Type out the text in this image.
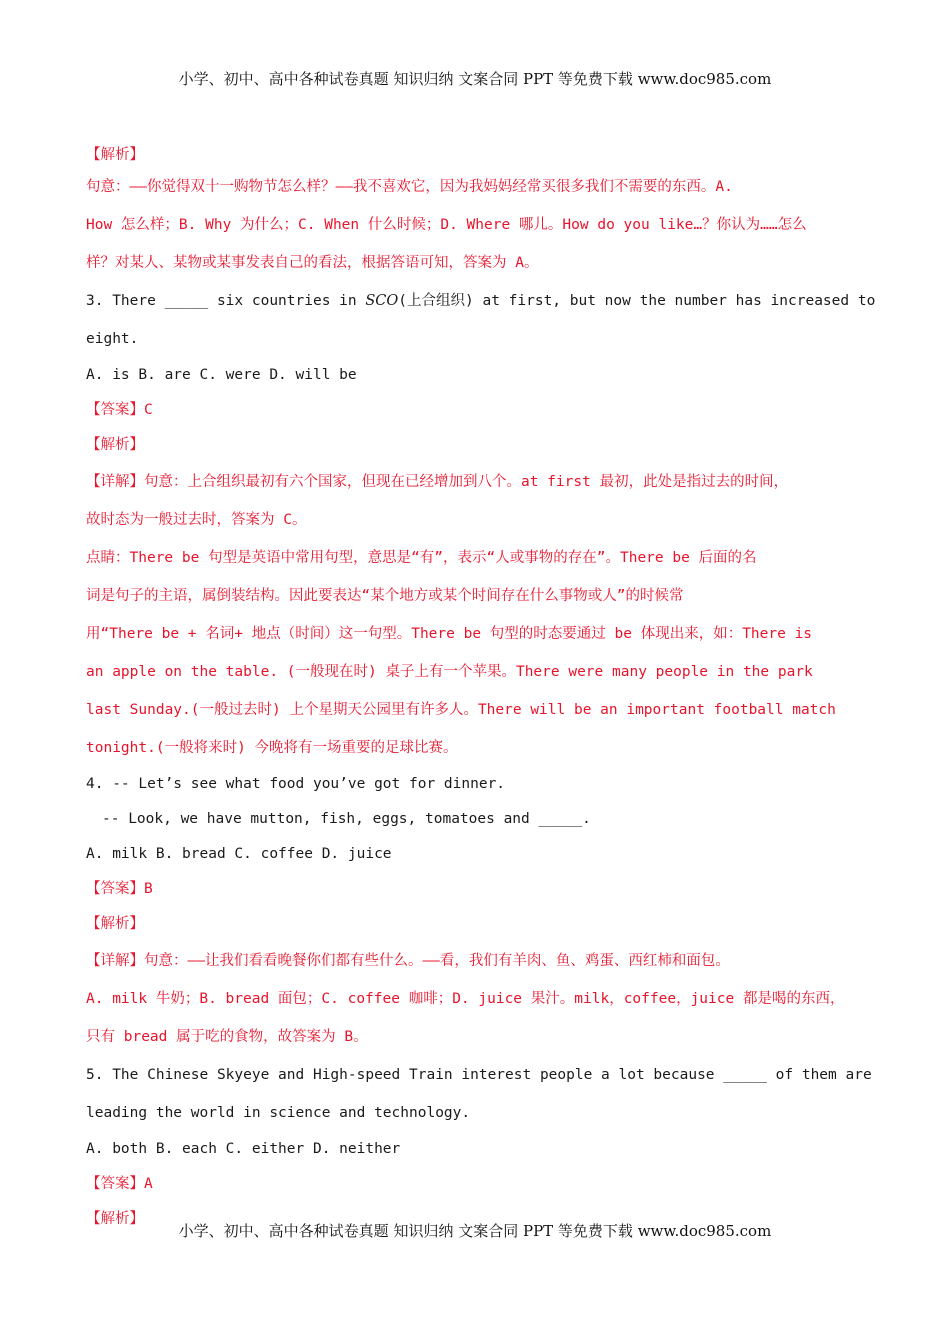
小学、初中、高中各种试卷真题 知识归纳 文案合同 PPT 等免费下载 www.doc985.com

【解析】

句意：——你觉得双十一购物节怎么样？——我不喜欢它，因为我妈妈经常买很多我们不需要的东西。A.

How 怎么样；B. Why 为什么；C. When 什么时候；D. Where 哪儿。How do you like…？你认为……怎么

样？对某人、某物或某事发表自己的看法，根据答语可知，答案为 A。

3. There _____ six countries in SCO(上合组织) at first, but now the number has increased to

eight.

A. is B. are C. were D. will be

【答案】C

【解析】

【详解】句意：上合组织最初有六个国家，但现在已经增加到八个。at first 最初，此处是指过去的时间，

故时态为一般过去时，答案为 C。

点睛：There be 句型是英语中常用句型，意思是“有”，表示“人或事物的存在”。There be 后面的名

词是句子的主语，属倒装结构。因此要表达“某个地方或某个时间存在什么事物或人”的时候常

用“There be + 名词+ 地点（时间）这一句型。There be 句型的时态要通过 be 体现出来，如：There is

an apple on the table. (一般现在时) 桌子上有一个苹果。There were many people in the park

last Sunday.(一般过去时) 上个星期天公园里有许多人。There will be an important football match

tonight.(一般将来时) 今晚将有一场重要的足球比赛。

4. -- Let’s see what food you’ve got for dinner.

-- Look, we have mutton, fish, eggs, tomatoes and _____.

A. milk B. bread C. coffee D. juice

【答案】B

【解析】

【详解】句意：——让我们看看晚餐你们都有些什么。——看，我们有羊肉、鱼、鸡蛋、西红柿和面包。

A. milk 牛奶；B. bread 面包；C. coffee 咖啡；D. juice 果汁。milk，coffee，juice 都是喝的东西，

只有 bread 属于吃的食物，故答案为 B。

5. The Chinese Skyeye and High-speed Train interest people a lot because _____ of them are

leading the world in science and technology.

A. both B. each C. either D. neither

【答案】A

【解析】

小学、初中、高中各种试卷真题 知识归纳 文案合同 PPT 等免费下载 www.doc985.com
